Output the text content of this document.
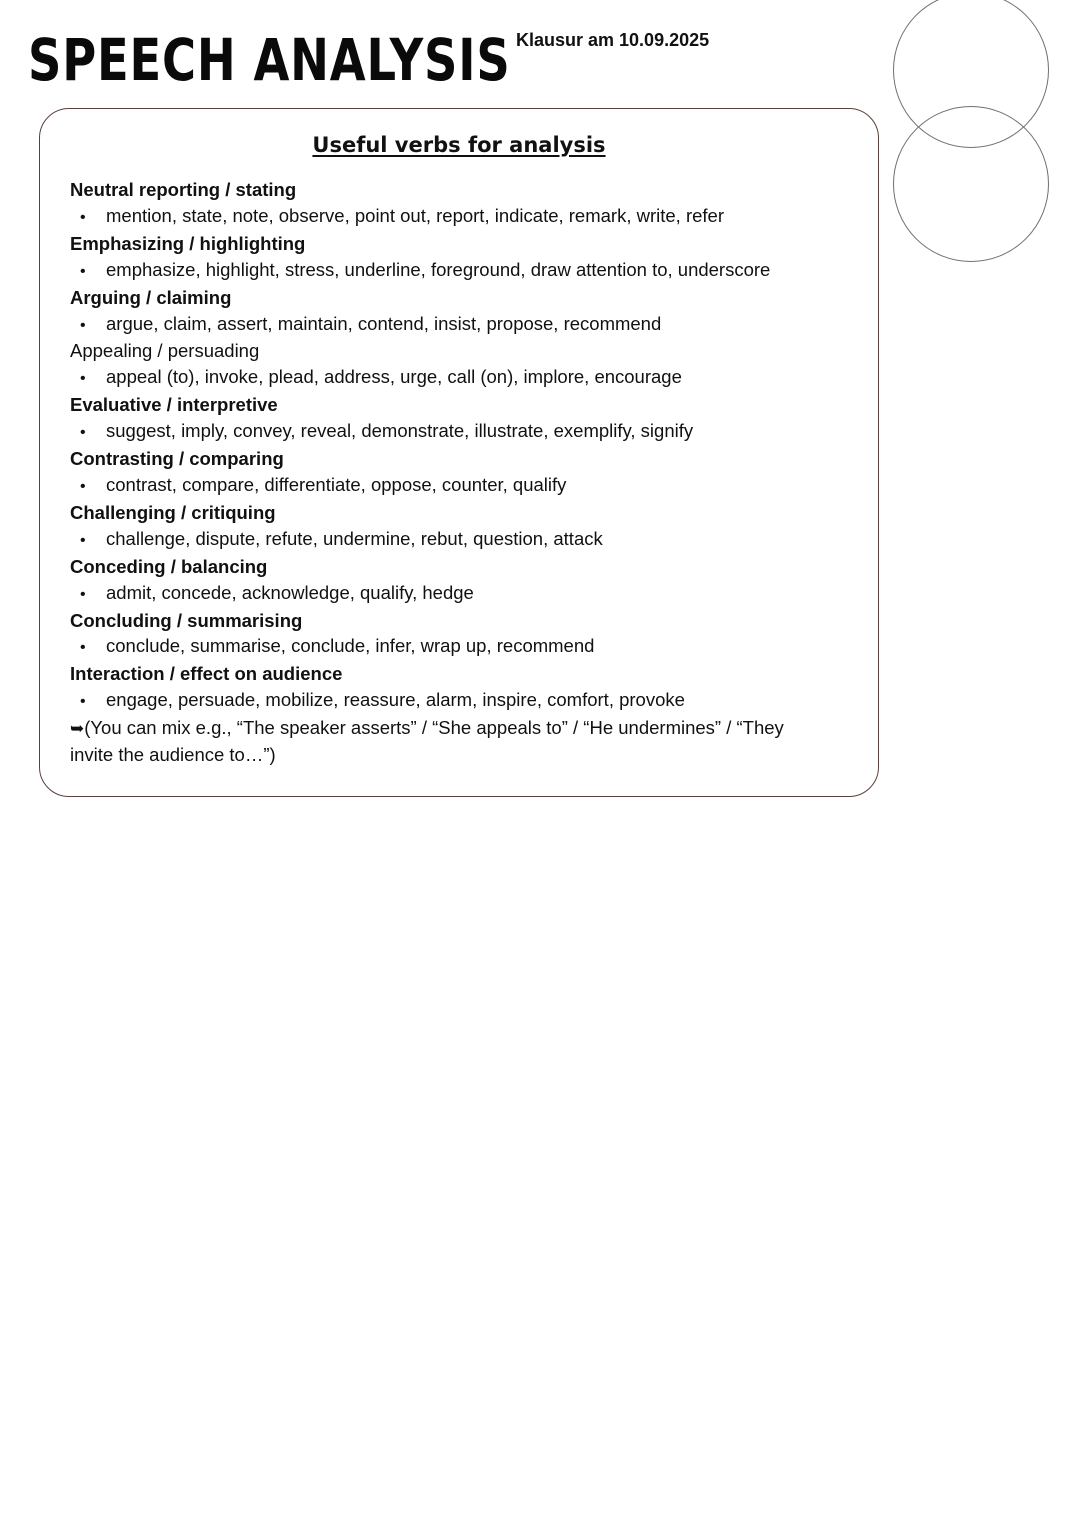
SPEECH ANALYSIS Klausur am 10.09.2025
Useful verbs for analysis

Neutral reporting / stating

•	mention, state, note, observe, point out, report, indicate, remark, write, refer

Emphasizing / highlighting

•	emphasize, highlight, stress, underline, foreground, draw attention to, underscore

Arguing / claiming

•	argue, claim, assert, maintain, contend, insist, propose, recommend

Appealing / persuading

•	appeal (to), invoke, plead, address, urge, call (on), implore, encourage

Evaluative / interpretive

•	suggest, imply, convey, reveal, demonstrate, illustrate, exemplify, signify

Contrasting / comparing

•	contrast, compare, differentiate, oppose, counter, qualify

Challenging / critiquing

•	challenge, dispute, refute, undermine, rebut, question, attack

Conceding / balancing

•	admit, concede, acknowledge, qualify, hedge

Concluding / summarising

•	conclude, summarise, conclude, infer, wrap up, recommend

Interaction / effect on audience

•	engage, persuade, mobilize, reassure, alarm, inspire, comfort, provoke

➥(You can mix e.g., “The speaker asserts” / “She appeals to” / “He undermines” / “They invite the audience to…”)
